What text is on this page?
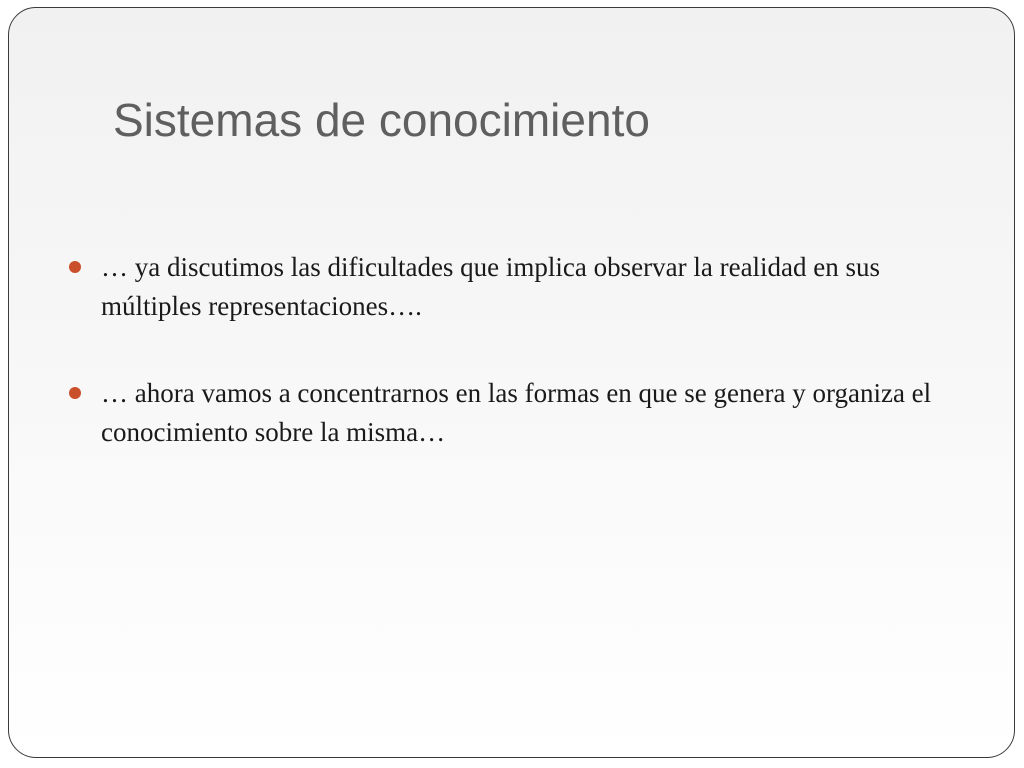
Sistemas de conocimiento
… ya discutimos las dificultades que implica observar la realidad en sus múltiples representaciones….
… ahora vamos a concentrarnos en las formas en que se genera y organiza el conocimiento sobre la misma…
